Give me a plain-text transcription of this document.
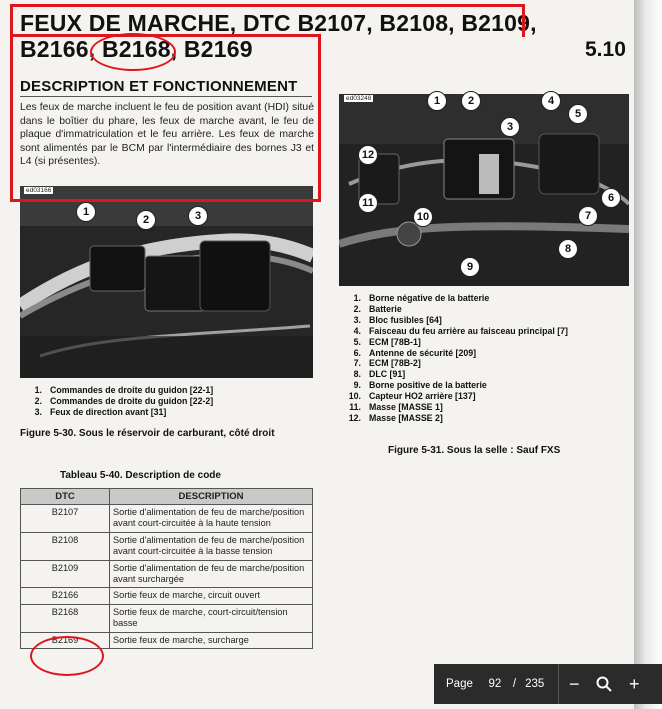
FEUX DE MARCHE, DTC B2107, B2108, B2109, B2166, B2168, B2169	5.10
DESCRIPTION ET FONCTIONNEMENT
Les feux de marche incluent le feu de position avant (HDI) situé dans le boîtier du phare, les feux de marche avant, le feu de plaque d'immatriculation et le feu arrière. Les feux de marche sont alimentés par le BCM par l'intermédiaire des bornes J3 et L4 (si présentes).
ed03166
1
2	3
1. Commandes de droite du guidon [22-1]
2. Commandes de droite du guidon [22-2]
3. Feux de direction avant [31]
Figure 5-30. Sous le réservoir de carburant, côté droit
ed03248	1	2
3
4
5
6
7
8
9
10
11
12
1. Borne négative de la batterie
2. Batterie
3. Bloc fusibles [64]
4. Faisceau du feu arrière au faisceau principal [7]
5. ECM [78B-1]
6. Antenne de sécurité [209]
7. ECM [78B-2]
8. DLC [91]
9. Borne positive de la batterie
10. Capteur HO2 arrière [137]
11. Masse [MASSE 1]
12. Masse [MASSE 2]
Figure 5-31. Sous la selle : Sauf FXS
Tableau 5-40. Description de code
DTC	DESCRIPTION
B2107	Sortie d'alimentation de feu de marche/position avant court-circuitée à la haute tension
B2108	Sortie d'alimentation de feu de marche/position avant court-circuitée à la basse tension
B2109	Sortie d'alimentation de feu de marche/position avant surchargée
B2166	Sortie feux de marche, circuit ouvert
B2168	Sortie feux de marche, court-circuit/tension basse
B2169	Sortie feux de marche, surcharge
Page 92 / 235	−	+
